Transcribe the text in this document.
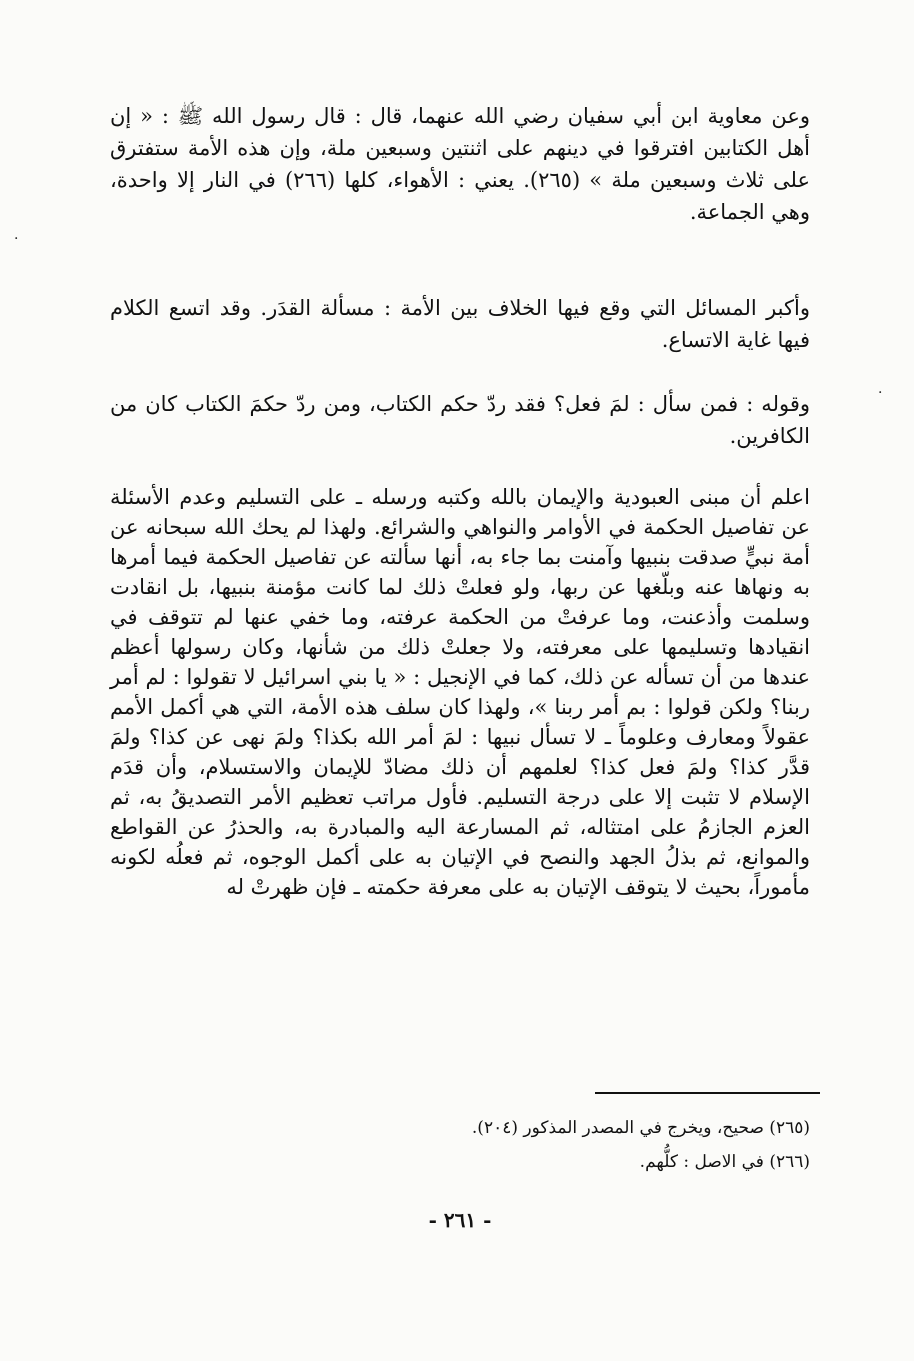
·
·

وعن معاوية ابن أبي سفيان رضي الله عنهما، قال : قال رسول الله ﷺ : « إن أهل الكتابين افترقوا في دينهم على اثنتين وسبعين ملة، وإن هذه الأمة ستفترق على ثلاث وسبعين ملة » (٢٦٥). يعني : الأهواء، كلها (٢٦٦) في النار إلا واحدة، وهي الجماعة.

وأكبر المسائل التي وقع فيها الخلاف بين الأمة : مسألة القدَر. وقد اتسع الكلام فيها غاية الاتساع.

وقوله : فمن سأل : لمَ فعل؟ فقد ردّ حكم الكتاب، ومن ردّ حكمَ الكتاب كان من الكافرين.

اعلم أن مبنى العبودية والإيمان بالله وكتبه ورسله ـ على التسليم وعدم الأسئلة عن تفاصيل الحكمة في الأوامر والنواهي والشرائع. ولهذا لم يحك الله سبحانه عن أمة نبيٍّ صدقت بنبيها وآمنت بما جاء به، أنها سألته عن تفاصيل الحكمة فيما أمرها به ونهاها عنه وبلّغها عن ربها، ولو فعلتْ ذلك لما كانت مؤمنة بنبيها، بل انقادت وسلمت وأذعنت، وما عرفتْ من الحكمة عرفته، وما خفي عنها لم تتوقف في انقيادها وتسليمها على معرفته، ولا جعلتْ ذلك من شأنها، وكان رسولها أعظم عندها من أن تسأله عن ذلك، كما في الإنجيل : « يا بني اسرائيل لا تقولوا : لم أمر ربنا؟ ولكن قولوا : بم أمر ربنا »، ولهذا كان سلف هذه الأمة، التي هي أكمل الأمم عقولاً ومعارف وعلوماً ـ لا تسأل نبيها : لمَ أمر الله بكذا؟ ولمَ نهى عن كذا؟ ولمَ قدَّر كذا؟ ولمَ فعل كذا؟ لعلمهم أن ذلك مضادّ للإيمان والاستسلام، وأن قدَم الإسلام لا تثبت إلا على درجة التسليم. فأول مراتب تعظيم الأمر التصديقُ به، ثم العزم الجازمُ على امتثاله، ثم المسارعة اليه والمبادرة به، والحذرُ عن القواطع والموانع، ثم بذلُ الجهد والنصح في الإتيان به على أكمل الوجوه، ثم فعلُه لكونه مأموراً، بحيث لا يتوقف الإتيان به على معرفة حكمته ـ فإن ظهرتْ له

(٢٦٥) صحيح، ويخرج في المصدر المذكور (٢٠٤).

(٢٦٦) في الاصل : كلُّهم.

- ٢٦١ -
